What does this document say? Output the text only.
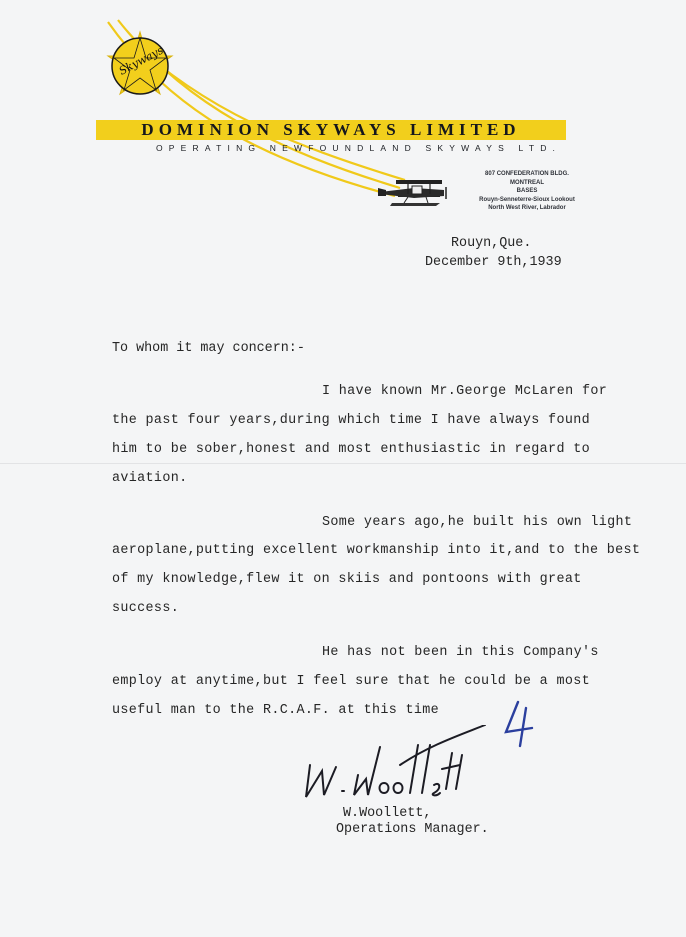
Skyways
DOMINION SKYWAYS LIMITED
OPERATING NEWFOUNDLAND SKYWAYS LTD.
807 CONFEDERATION BLDG.
MONTREAL
BASES
Rouyn-Senneterre-Sioux Lookout
North West River, Labrador
Rouyn,Que.
December 9th,1939
To whom it may concern:-
I have known Mr.George McLaren for
the past four years,during which time I have always found
him to be sober,honest and most enthusiastic in regard to
aviation.
Some years ago,he built his own light
aeroplane,putting excellent workmanship into it,and to the best
of my knowledge,flew it on skiis and pontoons with great
success.
He has not been in this Company's
employ at anytime,but I feel sure that he could be a most
useful man to the R.C.A.F. at this time
W.Woollett,
Operations Manager.
